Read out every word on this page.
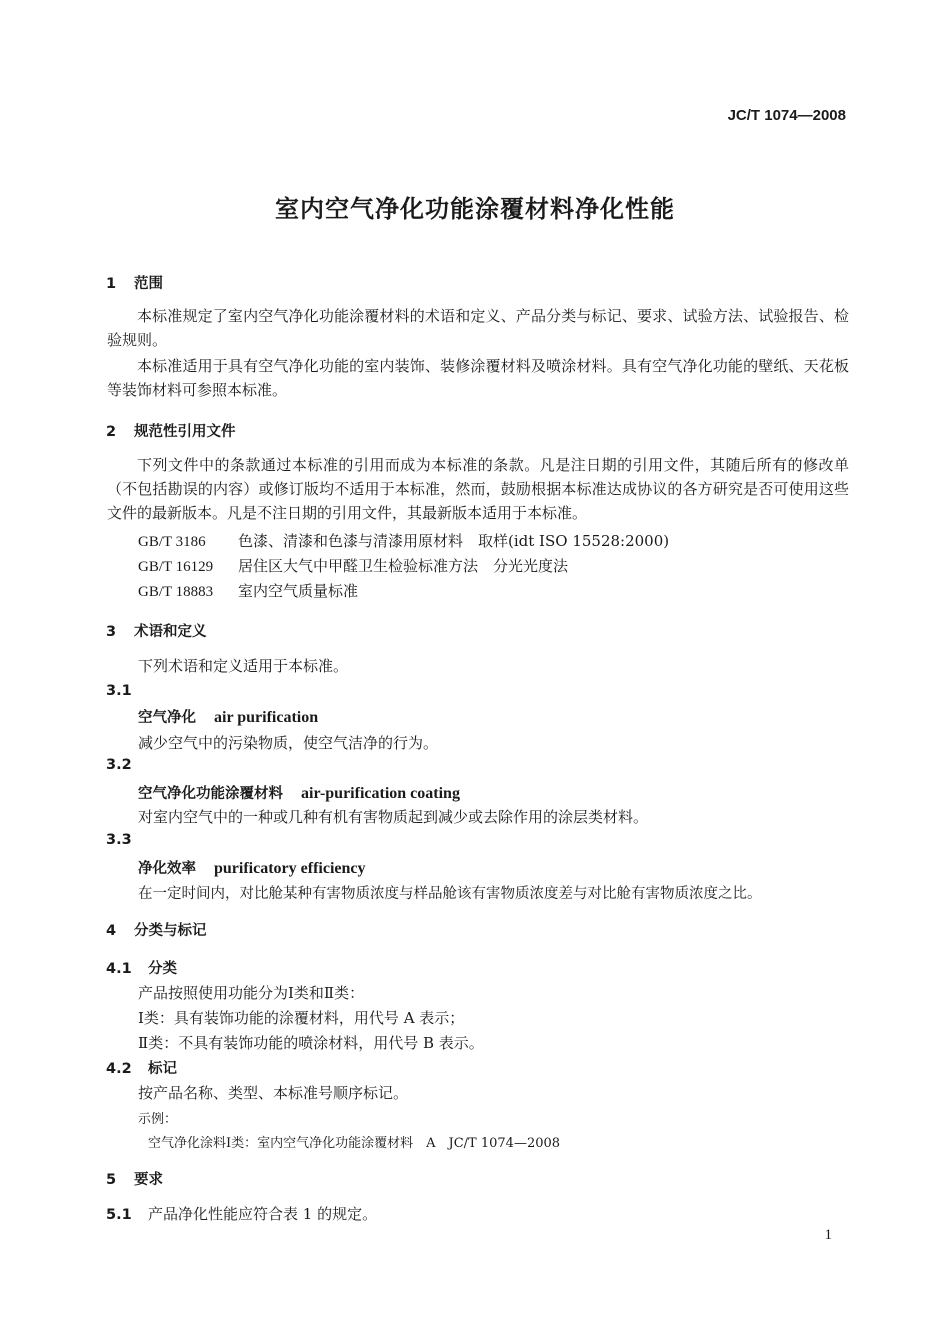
JC/T 1074—2008
室内空气净化功能涂覆材料净化性能
1 范围
本标准规定了室内空气净化功能涂覆材料的术语和定义、产品分类与标记、要求、试验方法、试验报告、检验规则。
本标准适用于具有空气净化功能的室内装饰、装修涂覆材料及喷涂材料。具有空气净化功能的壁纸、天花板等装饰材料可参照本标准。
2 规范性引用文件
下列文件中的条款通过本标准的引用而成为本标准的条款。凡是注日期的引用文件，其随后所有的修改单（不包括勘误的内容）或修订版均不适用于本标准，然而，鼓励根据本标准达成协议的各方研究是否可使用这些文件的最新版本。凡是不注日期的引用文件，其最新版本适用于本标准。
GB/T 3186 色漆、清漆和色漆与清漆用原材料　取样(idt ISO 15528:2000)
GB/T 16129 居住区大气中甲醛卫生检验标准方法　分光光度法
GB/T 18883 室内空气质量标准
3 术语和定义
下列术语和定义适用于本标准。
3.1
空气净化 air purification
减少空气中的污染物质，使空气洁净的行为。
3.2
空气净化功能涂覆材料 air-purification coating
对室内空气中的一种或几种有机有害物质起到减少或去除作用的涂层类材料。
3.3
净化效率 purificatory efficiency
在一定时间内，对比舱某种有害物质浓度与样品舱该有害物质浓度差与对比舱有害物质浓度之比。
4 分类与标记
4.1 分类
产品按照使用功能分为Ⅰ类和Ⅱ类：
Ⅰ类：具有装饰功能的涂覆材料，用代号 A 表示；
Ⅱ类：不具有装饰功能的喷涂材料，用代号 B 表示。
4.2 标记
按产品名称、类型、本标准号顺序标记。
示例：
空气净化涂料Ⅰ类：室内空气净化功能涂覆材料　A　JC/T 1074—2008
5 要求
5.1 产品净化性能应符合表 1 的规定。
1
